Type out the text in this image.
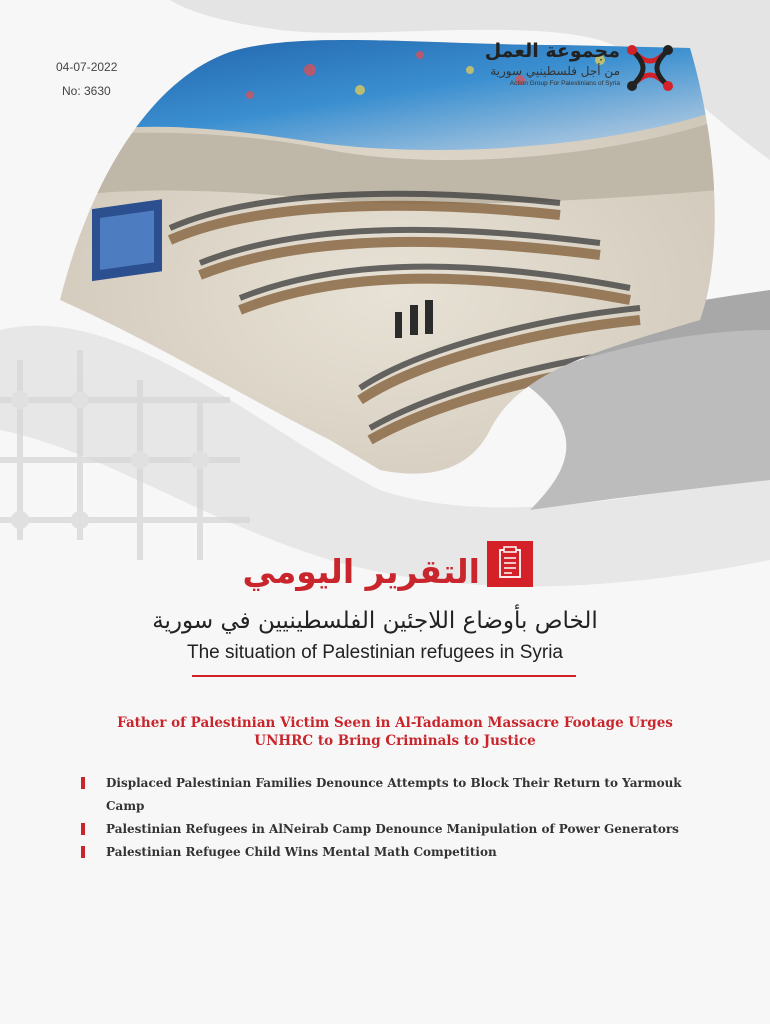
04-07-2022
No: 3630
مجموعة العمل
من أجل فلسطينيي سورية
Action Group For Palestinians of Syria
التقرير اليومي
الخاص بأوضاع اللاجئين الفلسطينيين في سورية
The situation of Palestinian refugees in Syria
Father of Palestinian Victim Seen in Al-Tadamon Massacre Footage Urges UNHRC to Bring Criminals to Justice
Displaced Palestinian Families Denounce Attempts to Block Their Return to Yarmouk Camp
Palestinian Refugees in AlNeirab Camp Denounce Manipulation of Power Generators
Palestinian Refugee Child Wins Mental Math Competition
